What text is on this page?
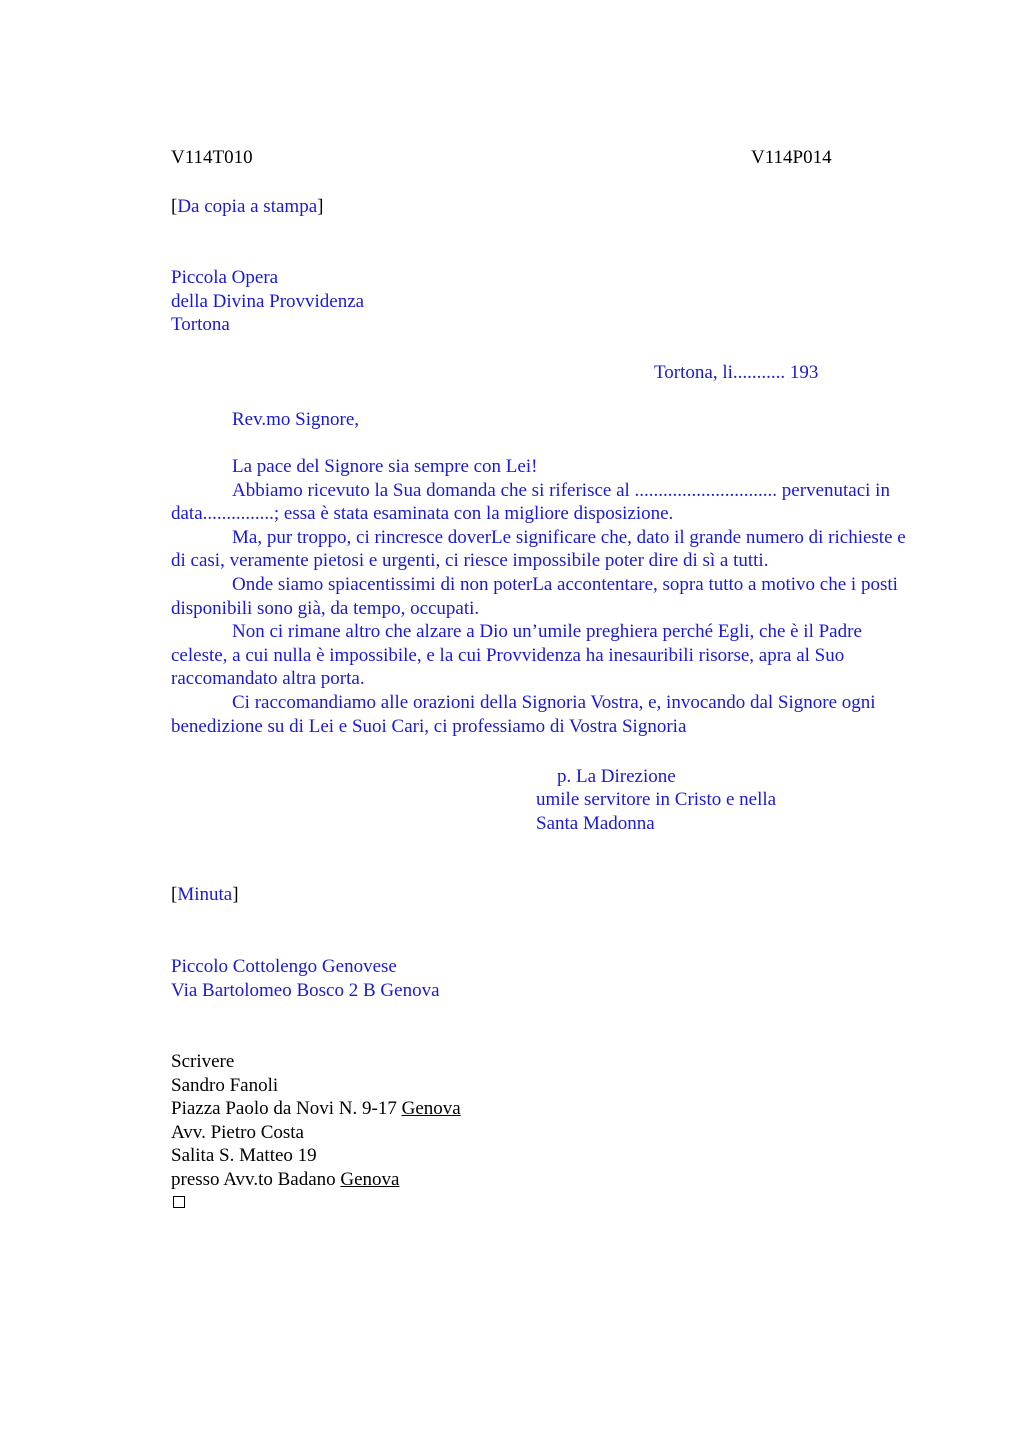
V114T010	V114P014
[Da copia a stampa]
Piccola Opera
della Divina Provvidenza
Tortona
Tortona, li........... 193
Rev.mo Signore,

La pace del Signore sia sempre con Lei!

Abbiamo ricevuto la Sua domanda che si riferisce al .............................. pervenutaci in data...............; essa è stata esaminata con la migliore disposizione.

Ma, pur troppo, ci rincresce doverLe significare che, dato il grande numero di richieste e di casi, veramente pietosi e urgenti, ci riesce impossibile poter dire di sì a tutti.

Onde siamo spiacentissimi di non poterLa accontentare, sopra tutto a motivo che i posti disponibili sono già, da tempo, occupati.

Non ci rimane altro che alzare a Dio un’umile preghiera perché Egli, che è il Padre celeste, a cui nulla è impossibile, e la cui Provvidenza ha inesauribili risorse, apra al Suo raccomandato altra porta.

Ci raccomandiamo alle orazioni della Signoria Vostra, e, invocando dal Signore ogni benedizione su di Lei e Suoi Cari, ci professiamo di Vostra Signoria

p. La Direzione
umile servitore in Cristo e nella
Santa Madonna
[Minuta]
Piccolo Cottolengo Genovese
Via Bartolomeo Bosco 2 B Genova
Scrivere
Sandro Fanoli
Piazza Paolo da Novi N. 9-17 Genova
Avv. Pietro Costa
Salita S. Matteo 19
presso Avv.to Badano Genova
